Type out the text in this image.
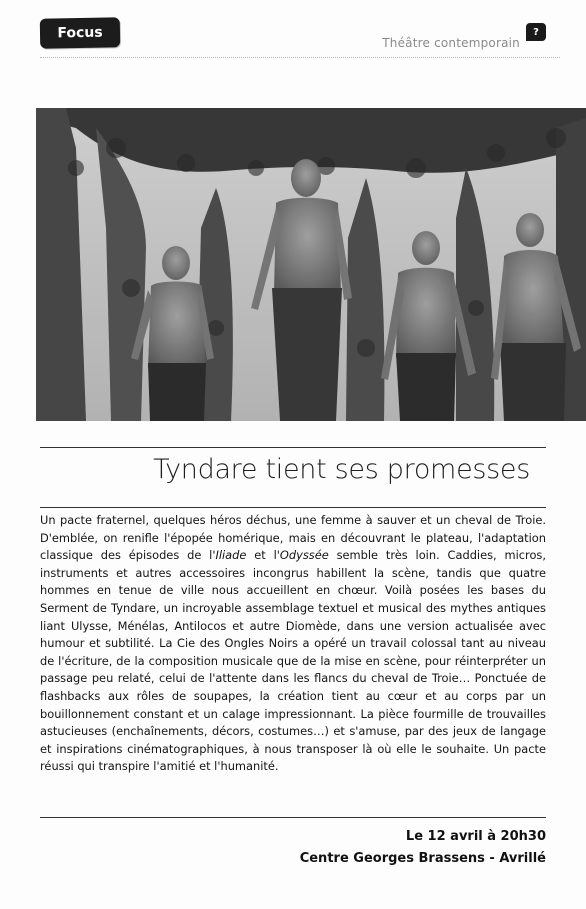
Focus
Théâtre contemporain
?
Tyndare tient ses promesses

Un pacte fraternel, quelques héros déchus, une femme à sauver et un cheval de Troie. D'emblée, on renifle l'épopée homérique, mais en découvrant le plateau, l'adaptation classique des épisodes de l'Iliade et l'Odyssée semble très loin. Caddies, micros, instruments et autres accessoires incongrus habillent la scène, tandis que quatre hommes en tenue de ville nous accueillent en chœur. Voilà posées les bases du Serment de Tyndare, un incroyable assemblage textuel et musical des mythes antiques liant Ulysse, Ménélas, Antilocos et autre Diomède, dans une version actualisée avec humour et subtilité. La Cie des Ongles Noirs a opéré un travail colossal tant au niveau de l'écriture, de la composition musicale que de la mise en scène, pour réinterpréter un passage peu relaté, celui de l'attente dans les flancs du cheval de Troie… Ponctuée de flashbacks aux rôles de soupapes, la création tient au cœur et au corps par un bouillonnement constant et un calage impressionnant. La pièce fourmille de trouvailles astucieuses (enchaînements, décors, costumes…) et s'amuse, par des jeux de langage et inspirations cinématographiques, à nous transposer là où elle le souhaite. Un pacte réussi qui transpire l'amitié et l'humanité.

Le 12 avril à 20h30
Centre Georges Brassens - Avrillé
